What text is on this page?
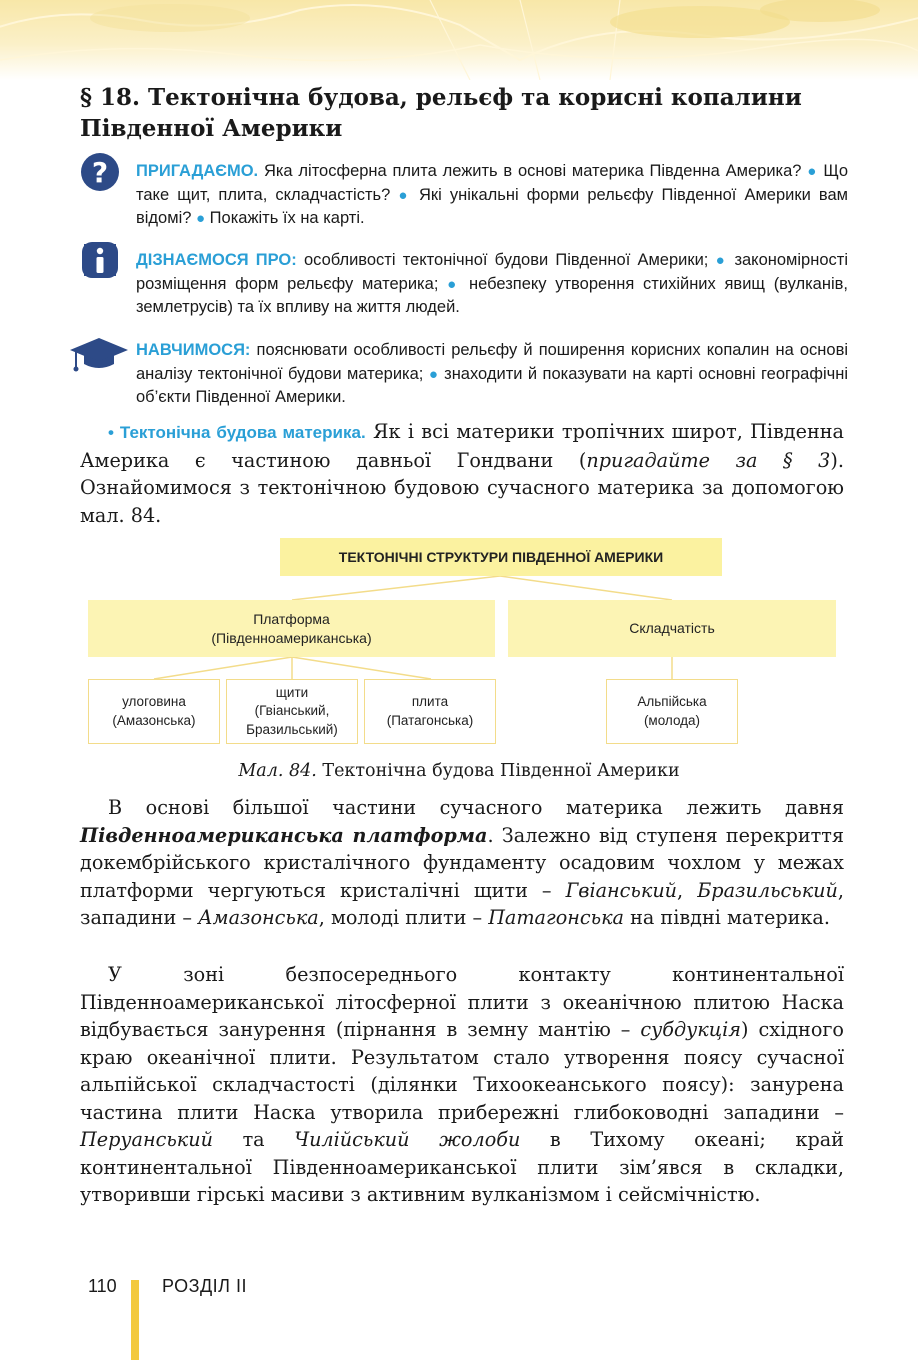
§ 18. Тектонічна будова, рельєф та корисні копалини
Південної Америки
? ПРИГАДАЄМО. Яка літосферна плита лежить в основі материка Південна Америка? ● Що таке щит, плита, складчастість? ● Які унікальні форми рельєфу Південної Америки вам відомі? ● Покажіть їх на карті.
ДІЗНАЄМОСЯ ПРО: особливості тектонічної будови Південної Америки; ● закономірності розміщення форм рельєфу материка; ● небезпеку утворення стихійних явищ (вулканів, землетрусів) та їх впливу на життя людей.
НАВЧИМОСЯ: пояснювати особливості рельєфу й поширення корисних копалин на основі аналізу тектонічної будови материка; ● знаходити й показувати на карті основні географічні об’єкти Південної Америки.

• Тектонічна будова материка. Як і всі материки тропічних широт, Південна Америка є частиною давньої Гондвани (пригадайте за § 3). Ознайомимося з тектонічною будовою сучасного материка за допомогою мал. 84.

ТЕКТОНІЧНІ СТРУКТУРИ ПІВДЕННОЇ АМЕРИКИ
Платформа
(Південноамериканська)
Складчатість
улоговина
(Амазонська)
щити
(Гвіанський,
Бразильський)
плита
(Патагонська)
Альпійська
(молода)
Мал. 84. Тектонічна будова Південної Америки

В основі більшої частини сучасного материка лежить давня Південноамериканська платформа. Залежно від ступеня перекриття докембрійського кристалічного фундаменту осадовим чохлом у межах платформи чергуються кристалічні щити – Гвіанський, Бразильський, западини – Амазонська, молоді плити – Патагонська на півдні материка.

У зоні безпосереднього контакту континентальної Південноамериканської літосферної плити з океанічною плитою Наска відбувається занурення (пірнання в земну мантію – субдукція) східного краю океанічної плити. Результатом стало утворення поясу сучасної альпійської складчастості (ділянки Тихоокеанського поясу): занурена частина плити Наска утворила прибережні глибоководні западини – Перуанський та Чилійський жолоби в Тихому океані; край континентальної Південноамериканської плити зім’явся в складки, утворивши гірські масиви з активним вулканізмом і сейсмічністю.

110	РОЗДІЛ ІІ
